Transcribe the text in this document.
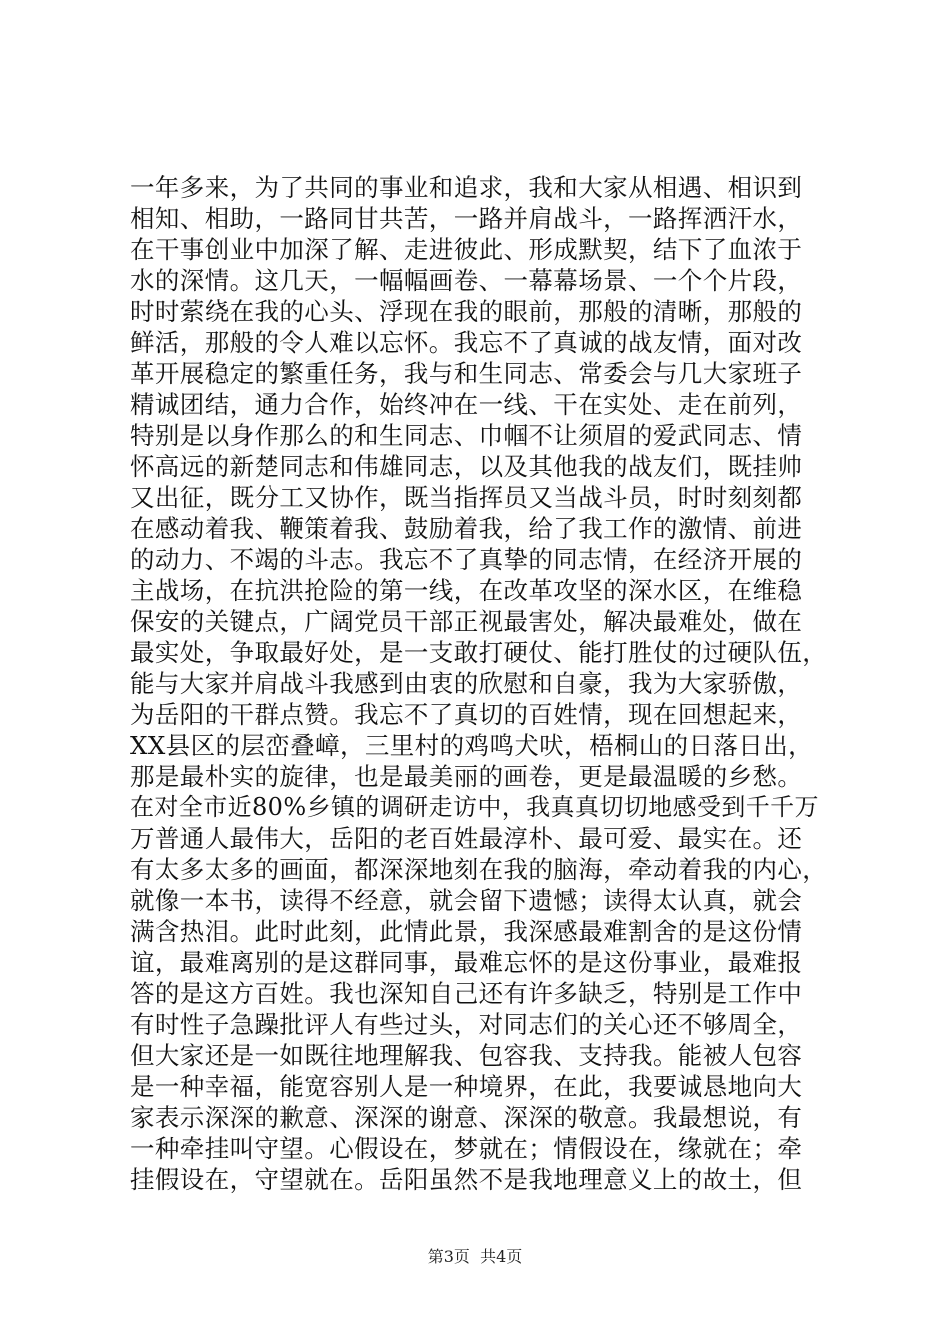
一年多来，为了共同的事业和追求，我和大家从相遇、相识到
相知、相助，一路同甘共苦，一路并肩战斗，一路挥洒汗水，
在干事创业中加深了解、走进彼此、形成默契，结下了血浓于
水的深情。这几天，一幅幅画卷、一幕幕场景、一个个片段，
时时萦绕在我的心头、浮现在我的眼前，那般的清晰，那般的
鲜活，那般的令人难以忘怀。我忘不了真诚的战友情，面对改
革开展稳定的繁重任务，我与和生同志、常委会与几大家班子
精诚团结，通力合作，始终冲在一线、干在实处、走在前列，
特别是以身作那么的和生同志、巾帼不让须眉的爱武同志、情
怀高远的新楚同志和伟雄同志，以及其他我的战友们，既挂帅
又出征，既分工又协作，既当指挥员又当战斗员，时时刻刻都
在感动着我、鞭策着我、鼓励着我，给了我工作的激情、前进
的动力、不竭的斗志。我忘不了真挚的同志情，在经济开展的
主战场，在抗洪抢险的第一线，在改革攻坚的深水区，在维稳
保安的关键点，广阔党员干部正视最害处，解决最难处，做在
最实处，争取最好处，是一支敢打硬仗、能打胜仗的过硬队伍，
能与大家并肩战斗我感到由衷的欣慰和自豪，我为大家骄傲，
为岳阳的干群点赞。我忘不了真切的百姓情，现在回想起来，
XX县区的层峦叠嶂，三里村的鸡鸣犬吠，梧桐山的日落日出，
那是最朴实的旋律，也是最美丽的画卷，更是最温暖的乡愁。
在对全市近80%乡镇的调研走访中，我真真切切地感受到千千万
万普通人最伟大，岳阳的老百姓最淳朴、最可爱、最实在。还
有太多太多的画面，都深深地刻在我的脑海，牵动着我的内心，
就像一本书，读得不经意，就会留下遗憾；读得太认真，就会
满含热泪。此时此刻，此情此景，我深感最难割舍的是这份情
谊，最难离别的是这群同事，最难忘怀的是这份事业，最难报
答的是这方百姓。我也深知自己还有许多缺乏，特别是工作中
有时性子急躁批评人有些过头，对同志们的关心还不够周全，
但大家还是一如既往地理解我、包容我、支持我。能被人包容
是一种幸福，能宽容别人是一种境界，在此，我要诚恳地向大
家表示深深的歉意、深深的谢意、深深的敬意。我最想说，有
一种牵挂叫守望。心假设在，梦就在；情假设在，缘就在；牵
挂假设在，守望就在。岳阳虽然不是我地理意义上的故土，但
第3页  共4页
